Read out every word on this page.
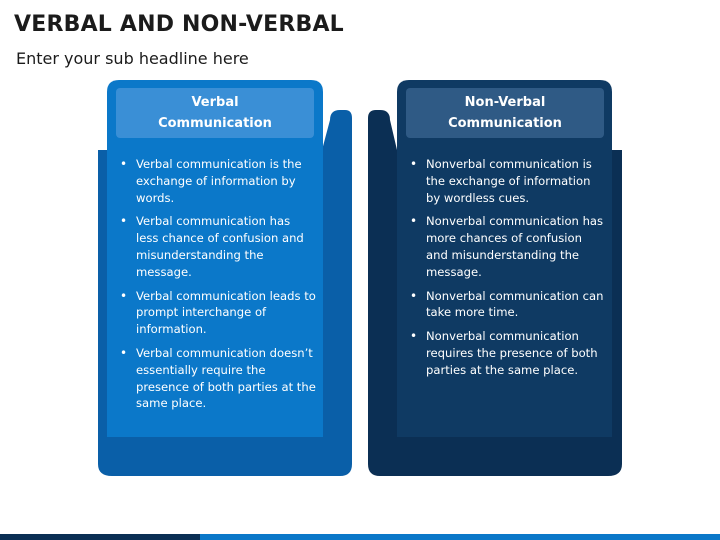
VERBAL AND NON-VERBAL

Enter your sub headline here

Verbal
Communication
• Verbal communication is the exchange of information by words.
• Verbal communication has less chance of confusion and misunderstanding the message.
• Verbal communication leads to prompt interchange of information.
• Verbal communication doesn’t essentially require the presence of both parties at the same place.
Non-Verbal
Communication
• Nonverbal communication is the exchange of information by wordless cues.
• Nonverbal communication has more chances of confusion and misunderstanding the message.
• Nonverbal communication can take more time.
• Nonverbal communication requires the presence of both parties at the same place.
